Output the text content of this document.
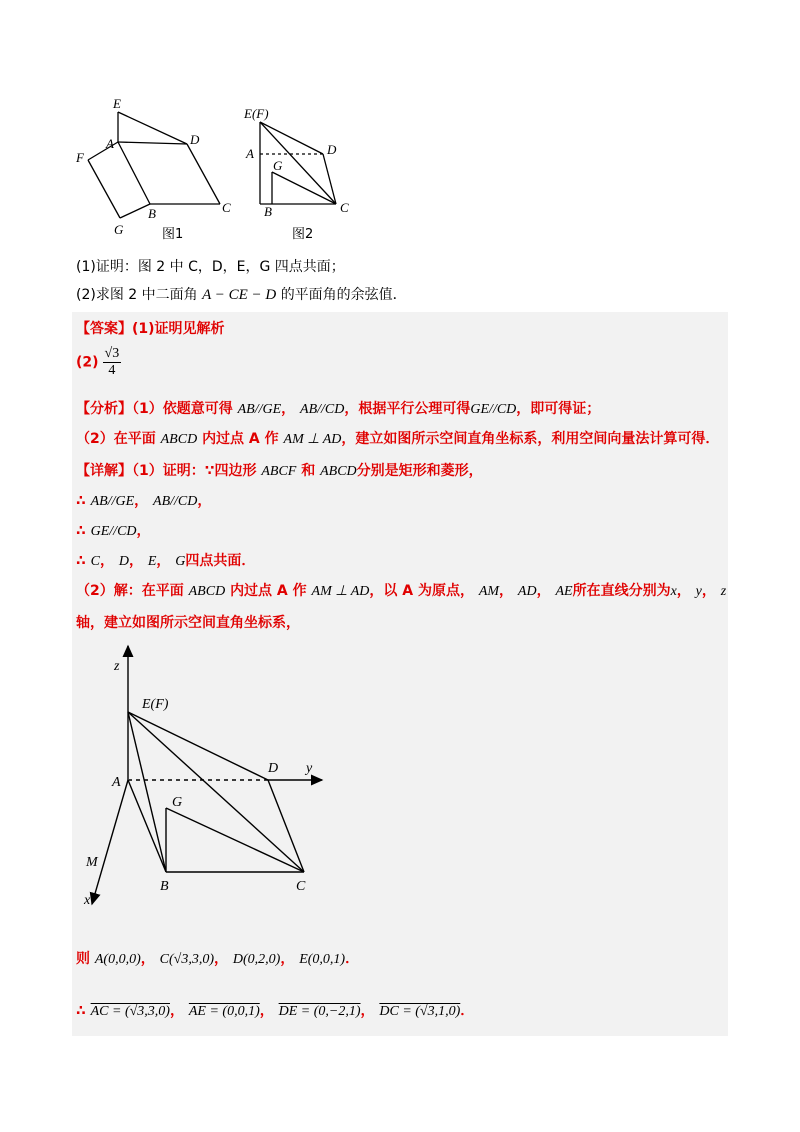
E
A	D
F
B	C
G	图1
E(F)
A	D
G
B	C
图2
(1)证明：图 2 中 C，D，E，G 四点共面；
(2)求图 2 中二面角 A − CE − D 的平面角的余弦值．
【答案】(1)证明见解析
$(2) \frac{√3}{4}$
【分析】（1）依题意可得 AB//GE， AB//CD，根据平行公理可得GE//CD，即可得证；
（2）在平面 ABCD 内过点 A 作 AM ⊥ AD，建立如图所示空间直角坐标系，利用空间向量法计算可得．
【详解】（1）证明：∵四边形 ABCF 和 ABCD分别是矩形和菱形，
∴ AB//GE， AB//CD，
∴ GE//CD，
∴ C， D， E， G四点共面．
（2）解：在平面 ABCD 内过点 A 作 AM ⊥ AD，以 A 为原点， AM， AD， AE所在直线分别为x， y， z
轴，建立如图所示空间直角坐标系，
z
E(F)
A
D y
G
M
B	C
x
则 A(0,0,0)， C(√3,3,0)， D(0,2,0)， E(0,0,1)．
∴ AC = (√3,3,0)， AE = (0,0,1)， DE = (0,−2,1)， DC = (√3,1,0)．
